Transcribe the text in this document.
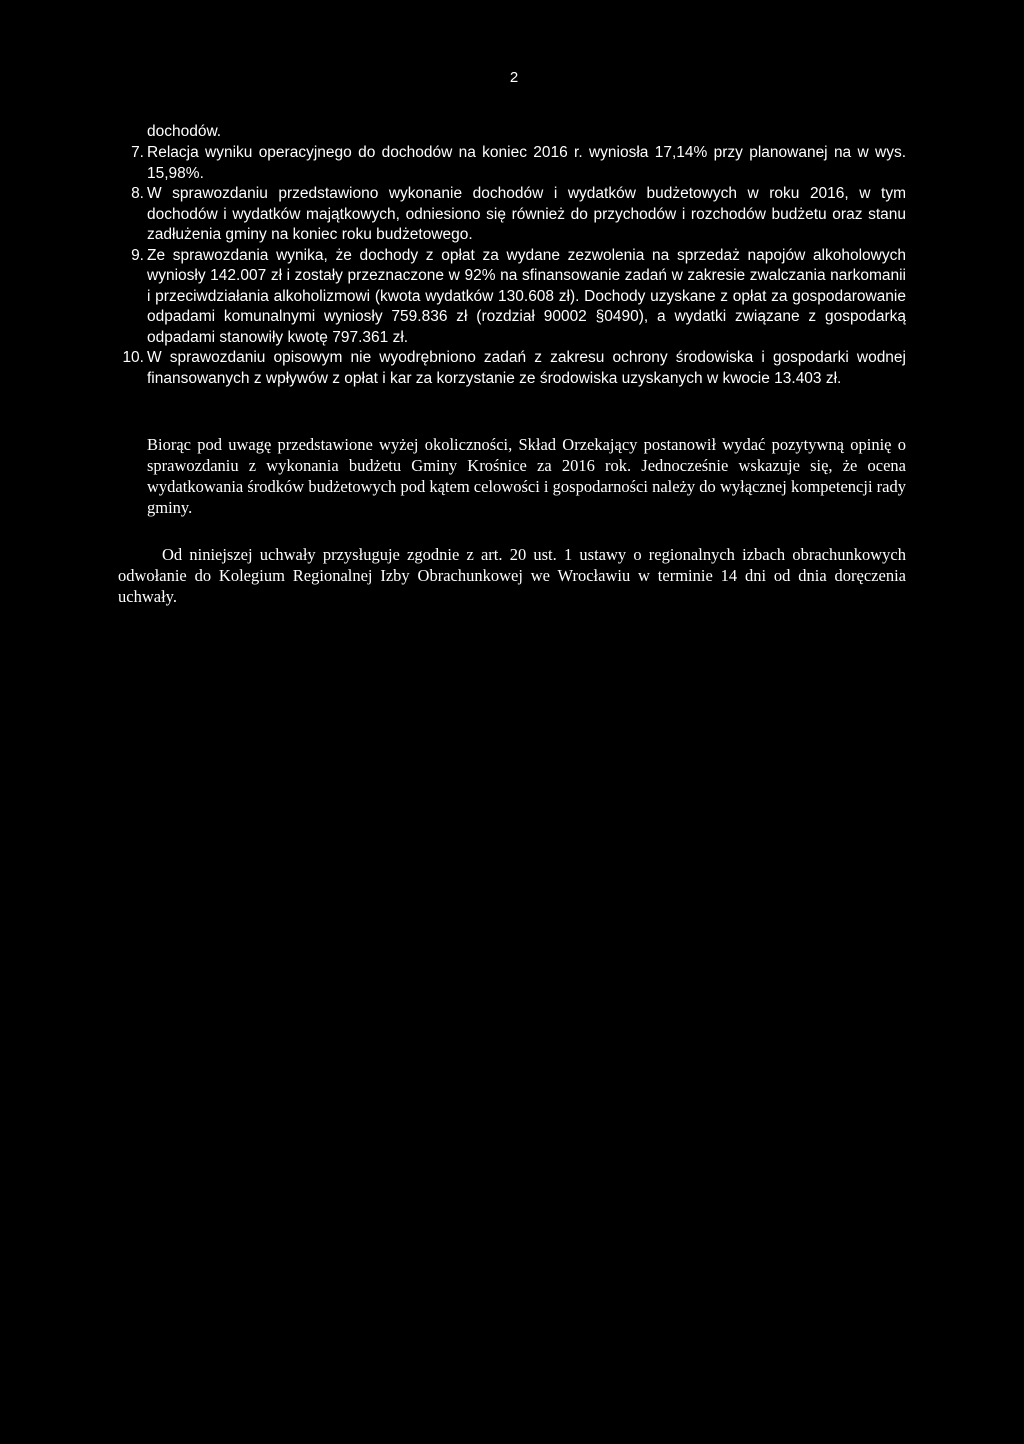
2
dochodów.
7. Relacja wyniku operacyjnego do dochodów na koniec 2016 r. wyniosła 17,14% przy planowanej na w wys. 15,98%.
8. W sprawozdaniu przedstawiono wykonanie dochodów i wydatków budżetowych w roku 2016, w tym dochodów i wydatków majątkowych, odniesiono się również do przychodów i rozchodów budżetu oraz stanu zadłużenia gminy na koniec roku budżetowego.
9. Ze sprawozdania wynika, że dochody z opłat za wydane zezwolenia na sprzedaż napojów alkoholowych wyniosły 142.007 zł i zostały przeznaczone w 92% na sfinansowanie zadań w zakresie zwalczania narkomanii i przeciwdziałania alkoholizmowi (kwota wydatków 130.608 zł). Dochody uzyskane z opłat za gospodarowanie odpadami komunalnymi wyniosły 759.836 zł (rozdział 90002 §0490), a wydatki związane z gospodarką odpadami stanowiły kwotę 797.361 zł.
10. W sprawozdaniu opisowym nie wyodrębniono zadań z zakresu ochrony środowiska i gospodarki wodnej finansowanych z wpływów z opłat i kar za korzystanie ze środowiska uzyskanych w kwocie 13.403 zł.

Biorąc pod uwagę przedstawione wyżej okoliczności, Skład Orzekający postanowił wydać pozytywną opinię o sprawozdaniu z wykonania budżetu Gminy Krośnice za 2016 rok. Jednocześnie wskazuje się, że ocena wydatkowania środków budżetowych pod kątem celowości i gospodarności należy do wyłącznej kompetencji rady gminy.

Od niniejszej uchwały przysługuje zgodnie z art. 20 ust. 1 ustawy o regionalnych izbach obrachunkowych odwołanie do Kolegium Regionalnej Izby Obrachunkowej we Wrocławiu w terminie 14 dni od dnia doręczenia uchwały.
